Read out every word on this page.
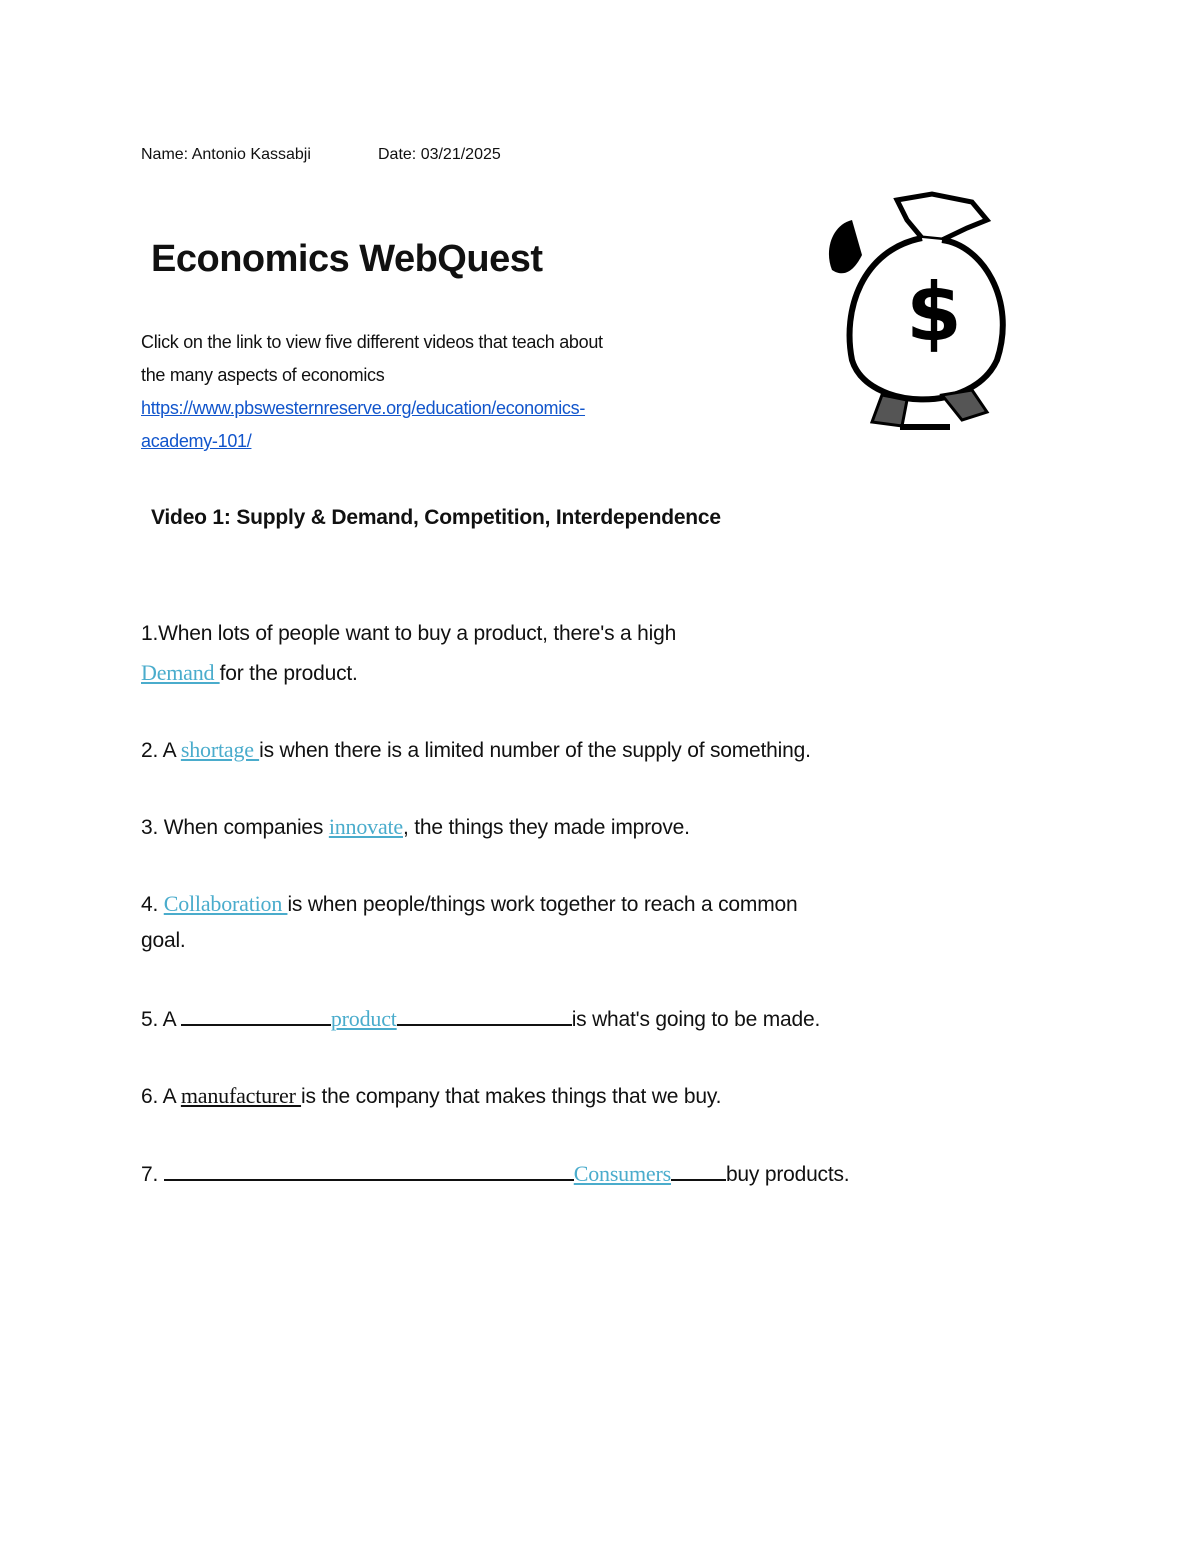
Name: Antonio Kassabji	Date: 03/21/2025
Economics WebQuest
$
Click on the link to view five different videos that teach about
the many aspects of economics
https://www.pbswesternreserve.org/education/economics-
academy-101/
Video 1: Supply & Demand, Competition, Interdependence
1.When lots of people want to buy a product, there's a high
Demand for the product.
2. A shortage is when there is a limited number of the supply of something.
3. When companies innovate, the things they made improve.
4. Collaboration is when people/things work together to reach a common
goal.
5. A	product	is what's going to be made.
6. A manufacturer is the company that makes things that we buy.
7.	Consumers	buy products.
